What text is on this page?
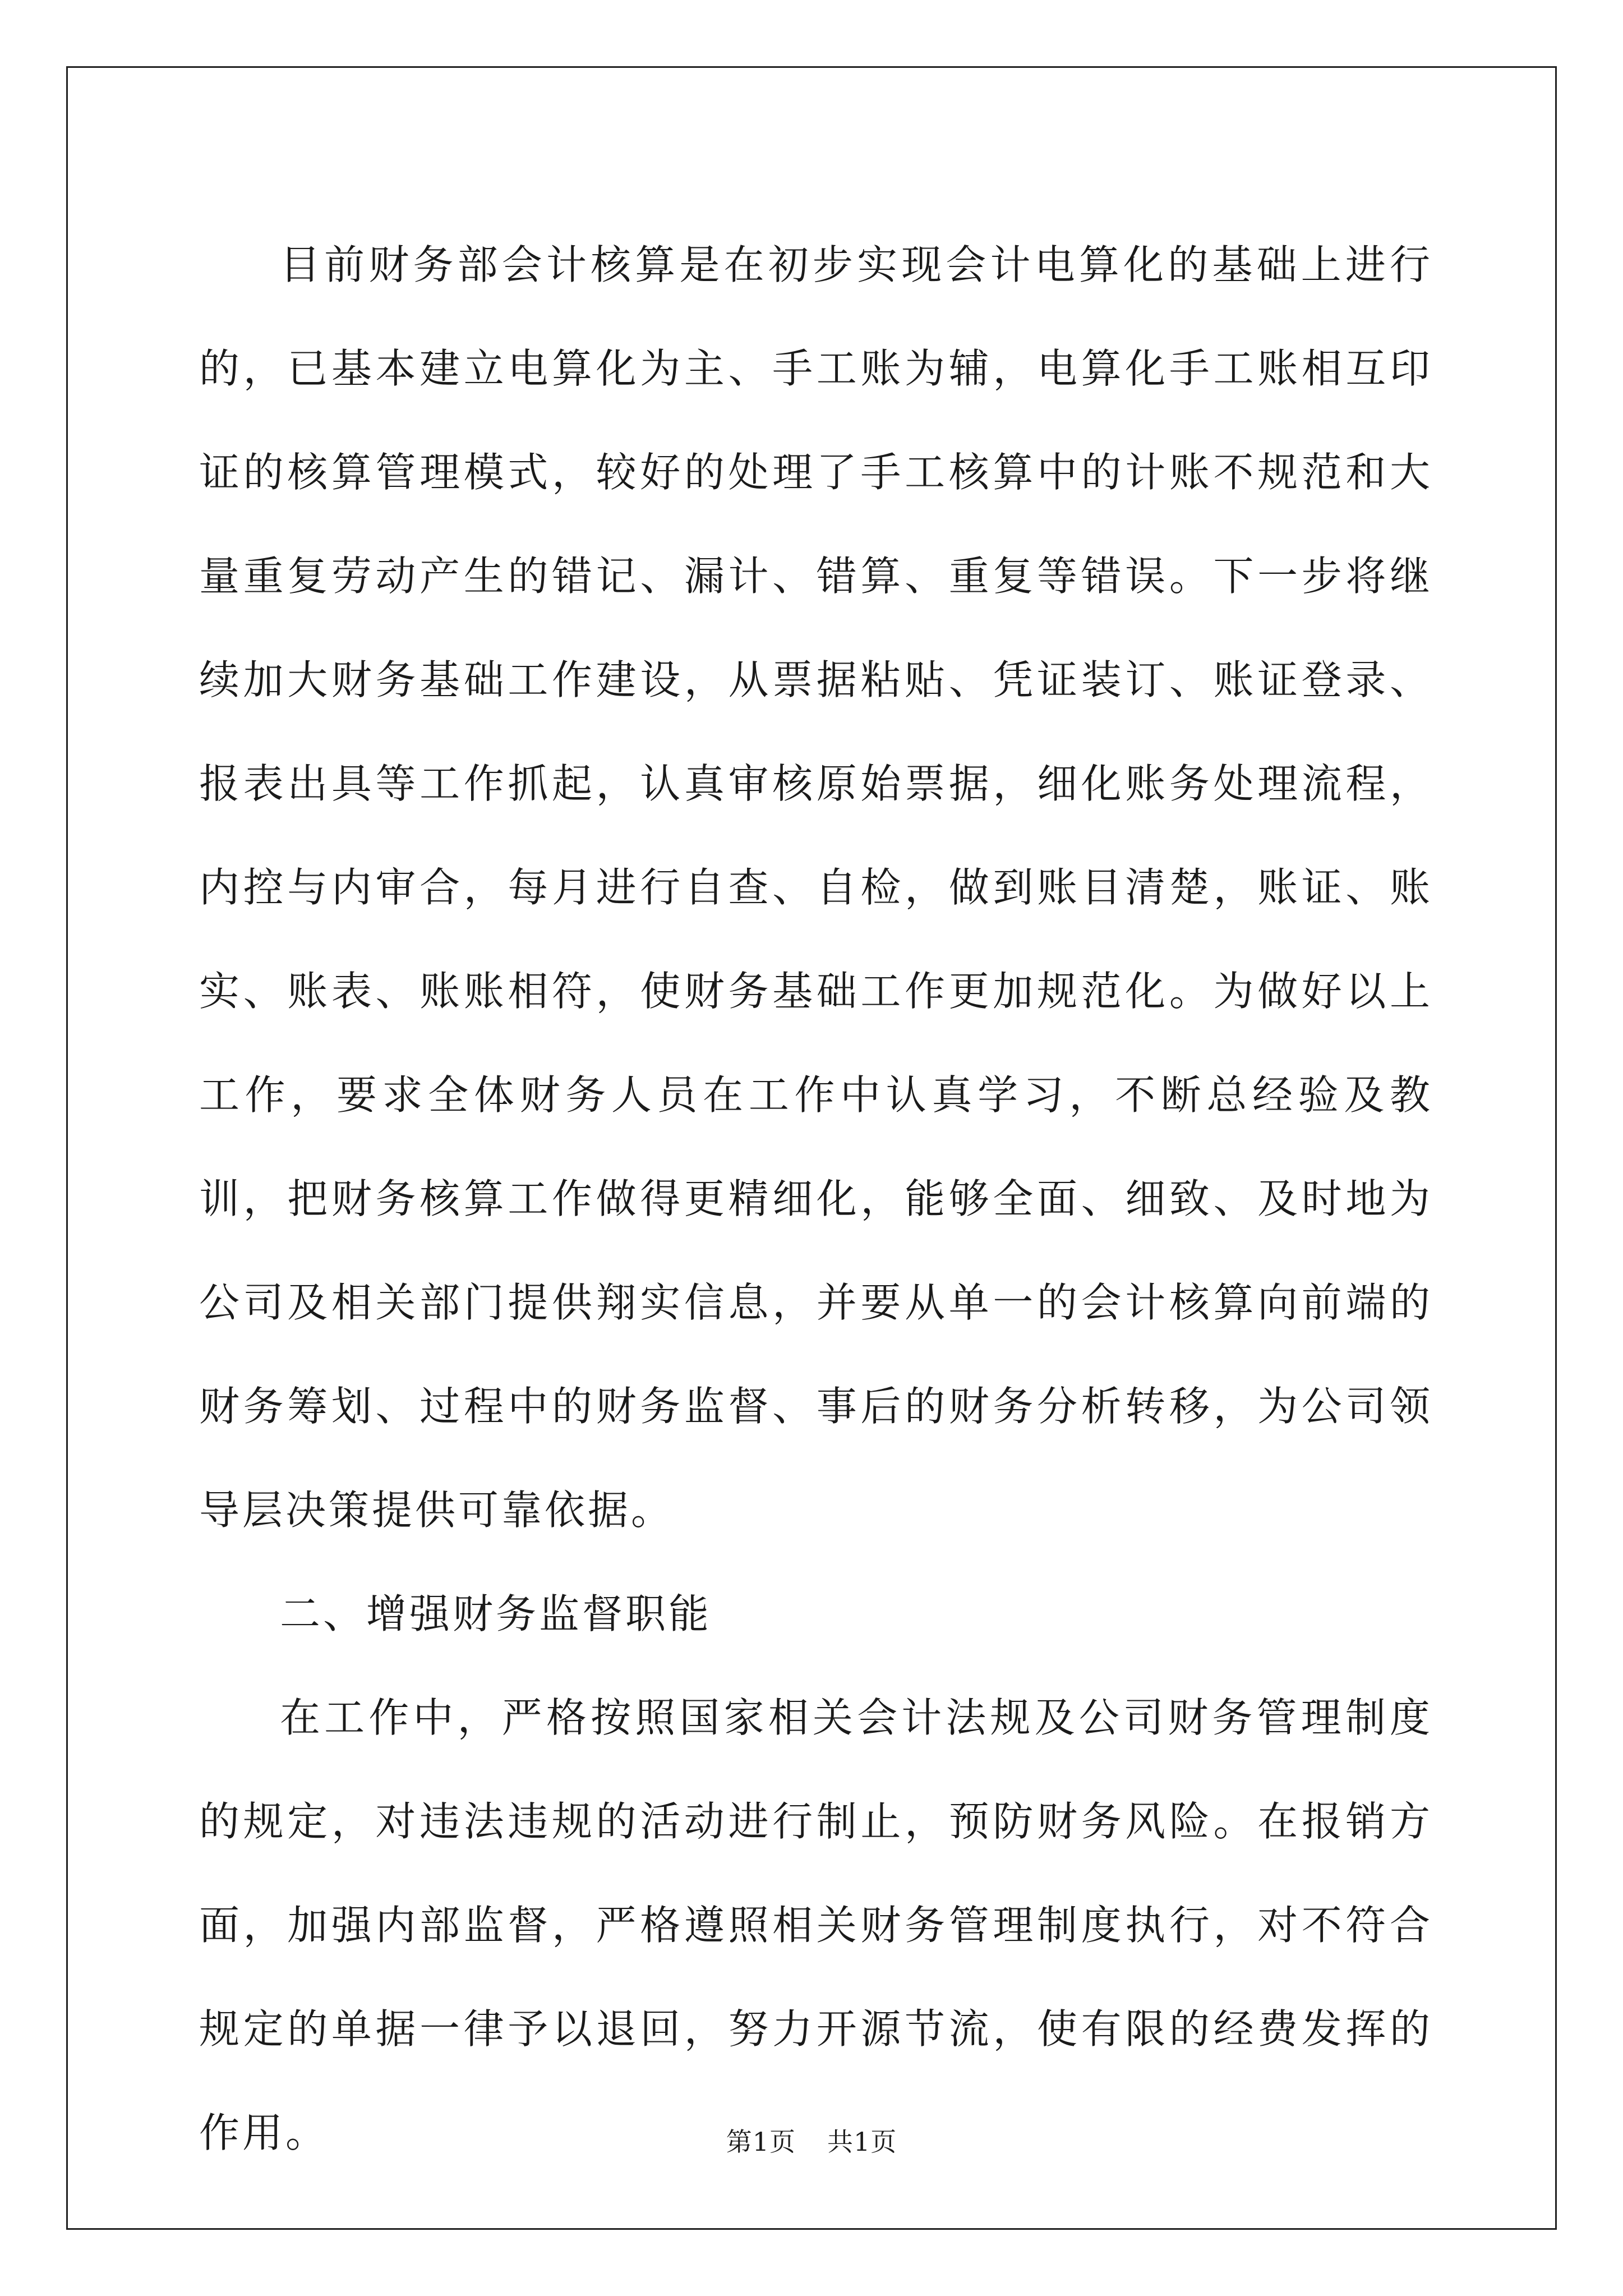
目前财务部会计核算是在初步实现会计电算化的基础上进行的，已基本建立电算化为主、手工账为辅，电算化手工账相互印证的核算管理模式，较好的处理了手工核算中的计账不规范和大量重复劳动产生的错记、漏计、错算、重复等错误。下一步将继续加大财务基础工作建设，从票据粘贴、凭证装订、账证登录、报表出具等工作抓起，认真审核原始票据，细化账务处理流程，内控与内审合，每月进行自查、自检，做到账目清楚，账证、账实、账表、账账相符，使财务基础工作更加规范化。为做好以上工作，要求全体财务人员在工作中认真学习，不断总经验及教训，把财务核算工作做得更精细化，能够全面、细致、及时地为公司及相关部门提供翔实信息，并要从单一的会计核算向前端的财务筹划、过程中的财务监督、事后的财务分析转移，为公司领导层决策提供可靠依据。

二、增强财务监督职能

在工作中，严格按照国家相关会计法规及公司财务管理制度的规定，对违法违规的活动进行制止，预防财务风险。在报销方面，加强内部监督，严格遵照相关财务管理制度执行，对不符合规定的单据一律予以退回，努力开源节流，使有限的经费发挥的作用。	第1页 共1页
